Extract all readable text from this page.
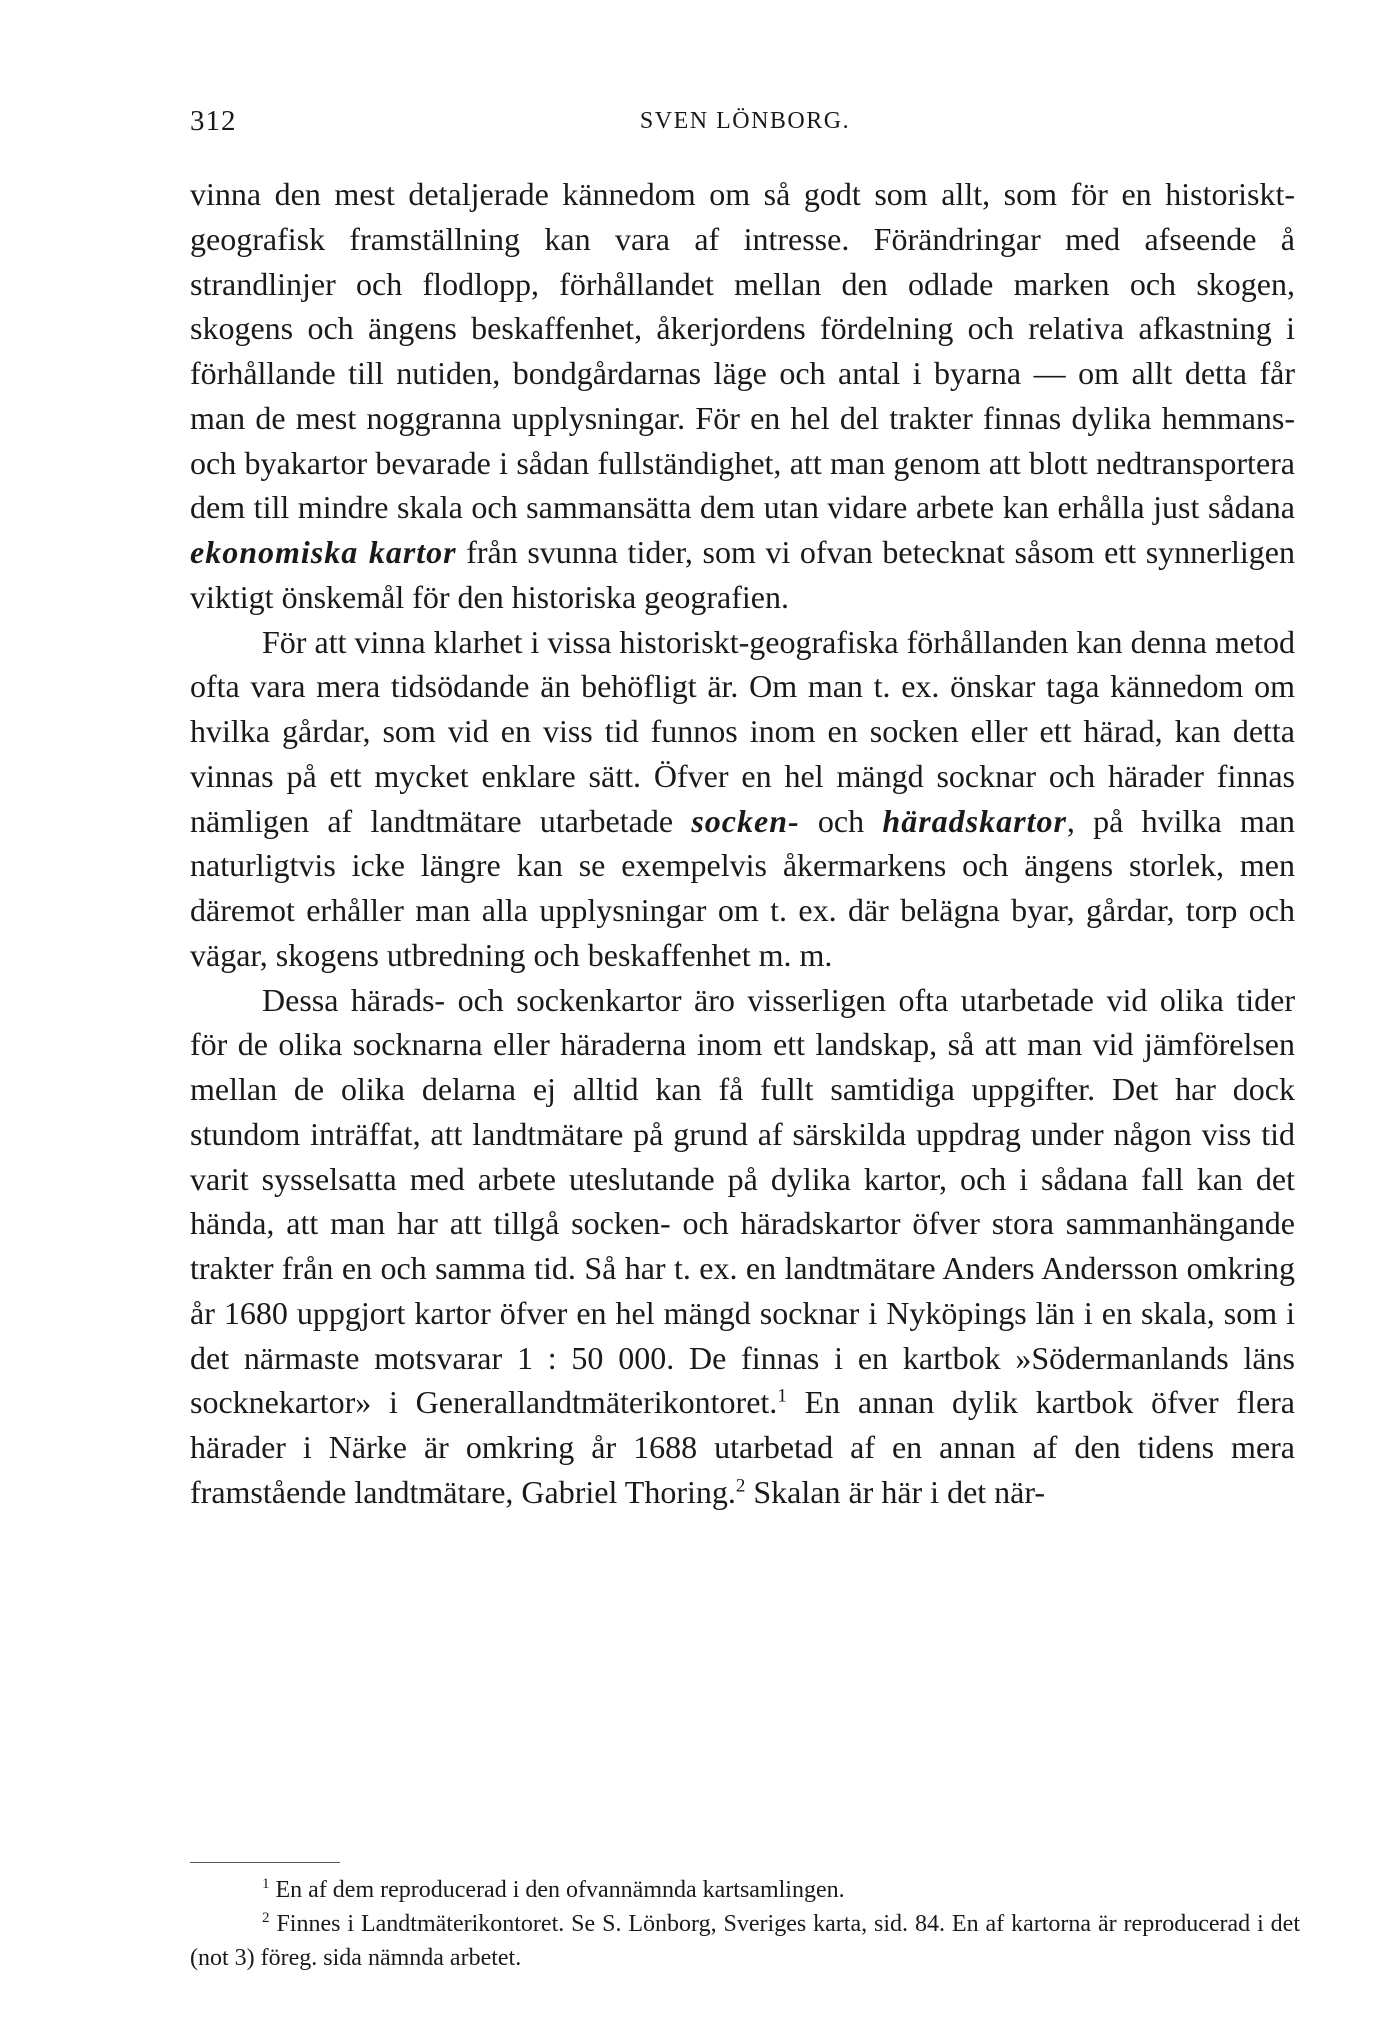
312	SVEN LÖNBORG.

vinna den mest detaljerade kännedom om så godt som allt, som för en historiskt-geografisk framställning kan vara af intresse. Förändringar med afseende å strandlinjer och flodlopp, förhållandet mellan den odlade marken och skogen, skogens och ängens beskaffenhet, åkerjordens fördelning och relativa afkastning i förhållande till nutiden, bondgårdarnas läge och antal i byarna — om allt detta får man de mest noggranna upplysningar. För en hel del trakter finnas dylika hemmans- och byakartor bevarade i sådan fullständighet, att man genom att blott nedtransportera dem till mindre skala och sammansätta dem utan vidare arbete kan erhålla just sådana ekonomiska kartor från svunna tider, som vi ofvan betecknat såsom ett synnerligen viktigt önskemål för den historiska geografien.

För att vinna klarhet i vissa historiskt-geografiska förhållanden kan denna metod ofta vara mera tidsödande än behöfligt är. Om man t. ex. önskar taga kännedom om hvilka gårdar, som vid en viss tid funnos inom en socken eller ett härad, kan detta vinnas på ett mycket enklare sätt. Öfver en hel mängd socknar och härader finnas nämligen af landtmätare utarbetade socken- och häradskartor, på hvilka man naturligtvis icke längre kan se exempelvis åkermarkens och ängens storlek, men däremot erhåller man alla upplysningar om t. ex. där belägna byar, gårdar, torp och vägar, skogens utbredning och beskaffenhet m. m.

Dessa härads- och sockenkartor äro visserligen ofta utarbetade vid olika tider för de olika socknarna eller häraderna inom ett landskap, så att man vid jämförelsen mellan de olika delarna ej alltid kan få fullt samtidiga uppgifter. Det har dock stundom inträffat, att landtmätare på grund af särskilda uppdrag under någon viss tid varit sysselsatta med arbete uteslutande på dylika kartor, och i sådana fall kan det hända, att man har att tillgå socken- och häradskartor öfver stora sammanhängande trakter från en och samma tid. Så har t. ex. en landtmätare Anders Andersson omkring år 1680 uppgjort kartor öfver en hel mängd socknar i Nyköpings län i en skala, som i det närmaste motsvarar 1 : 50 000. De finnas i en kartbok »Södermanlands läns socknekartor» i Generallandtmäterikontoret.$^1$ En annan dylik kartbok öfver flera härader i Närke är omkring år 1688 utarbetad af en annan af den tidens mera framstående landtmätare, Gabriel Thoring.$^2$ Skalan är här i det när-

$^1$ En af dem reproducerad i den ofvannämnda kartsamlingen.

$^2$ Finnes i Landtmäterikontoret. Se S. Lönborg, Sveriges karta, sid. 84. En af kartorna är reproducerad i det (not 3) föreg. sida nämnda arbetet.
